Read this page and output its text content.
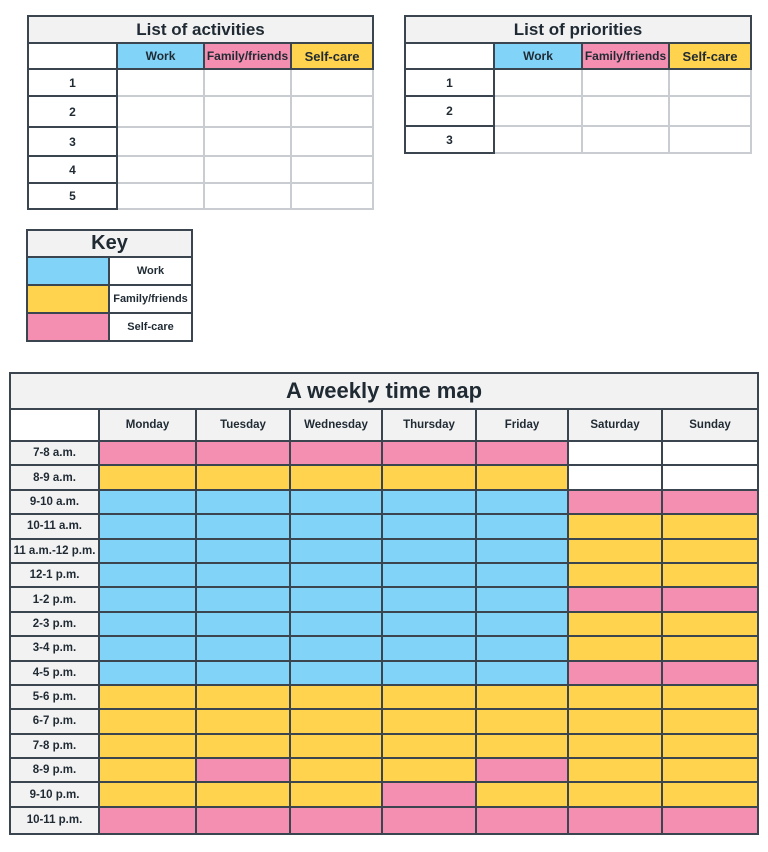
List of activities			
	Work	Family/friends	Self-care
1			
2			
3			
4			
5			
List of priorities			
	Work	Family/friends	Self-care
1			
2			
3			
Key	
	Work
	Family/friends
	Self-care
A weekly time map							
	Monday	Tuesday	Wednesday	Thursday	Friday	Saturday	Sunday
7-8 a.m.							
8-9 a.m.							
9-10 a.m.							
10-11 a.m.							
11 a.m.-12 p.m.							
12-1 p.m.							
1-2 p.m.							
2-3 p.m.							
3-4 p.m.							
4-5 p.m.							
5-6 p.m.							
6-7 p.m.							
7-8 p.m.							
8-9 p.m.							
9-10 p.m.							
10-11 p.m.							
